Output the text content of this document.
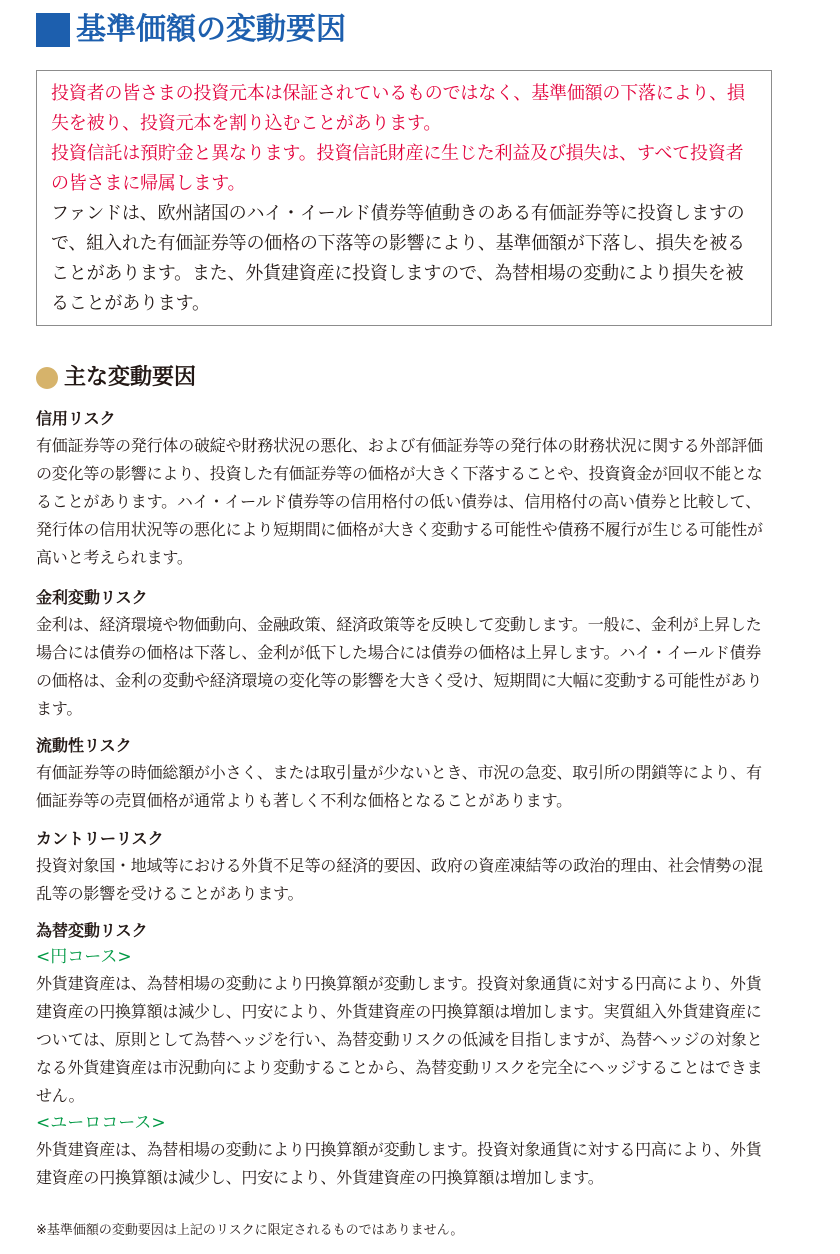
基準価額の変動要因

投資者の皆さまの投資元本は保証されているものではなく、基準価額の下落により、損失を被り、投資元本を割り込むことがあります。

投資信託は預貯金と異なります。投資信託財産に生じた利益及び損失は、すべて投資者の皆さまに帰属します。

ファンドは、欧州諸国のハイ・イールド債券等値動きのある有価証券等に投資しますので、組入れた有価証券等の価格の下落等の影響により、基準価額が下落し、損失を被ることがあります。また、外貨建資産に投資しますので、為替相場の変動により損失を被ることがあります。

主な変動要因

信用リスク

有価証券等の発行体の破綻や財務状況の悪化、および有価証券等の発行体の財務状況に関する外部評価の変化等の影響により、投資した有価証券等の価格が大きく下落することや、投資資金が回収不能となることがあります。ハイ・イールド債券等の信用格付の低い債券は、信用格付の高い債券と比較して、発行体の信用状況等の悪化により短期間に価格が大きく変動する可能性や債務不履行が生じる可能性が高いと考えられます。

金利変動リスク

金利は、経済環境や物価動向、金融政策、経済政策等を反映して変動します。一般に、金利が上昇した場合には債券の価格は下落し、金利が低下した場合には債券の価格は上昇します。ハイ・イールド債券の価格は、金利の変動や経済環境の変化等の影響を大きく受け、短期間に大幅に変動する可能性があります。

流動性リスク

有価証券等の時価総額が小さく、または取引量が少ないとき、市況の急変、取引所の閉鎖等により、有価証券等の売買価格が通常よりも著しく不利な価格となることがあります。

カントリーリスク

投資対象国・地域等における外貨不足等の経済的要因、政府の資産凍結等の政治的理由、社会情勢の混乱等の影響を受けることがあります。

為替変動リスク

<円コース>

外貨建資産は、為替相場の変動により円換算額が変動します。投資対象通貨に対する円高により、外貨建資産の円換算額は減少し、円安により、外貨建資産の円換算額は増加します。実質組入外貨建資産については、原則として為替ヘッジを行い、為替変動リスクの低減を目指しますが、為替ヘッジの対象となる外貨建資産は市況動向により変動することから、為替変動リスクを完全にヘッジすることはできません。

<ユーロコース>

外貨建資産は、為替相場の変動により円換算額が変動します。投資対象通貨に対する円高により、外貨建資産の円換算額は減少し、円安により、外貨建資産の円換算額は増加します。

※基準価額の変動要因は上記のリスクに限定されるものではありません。
